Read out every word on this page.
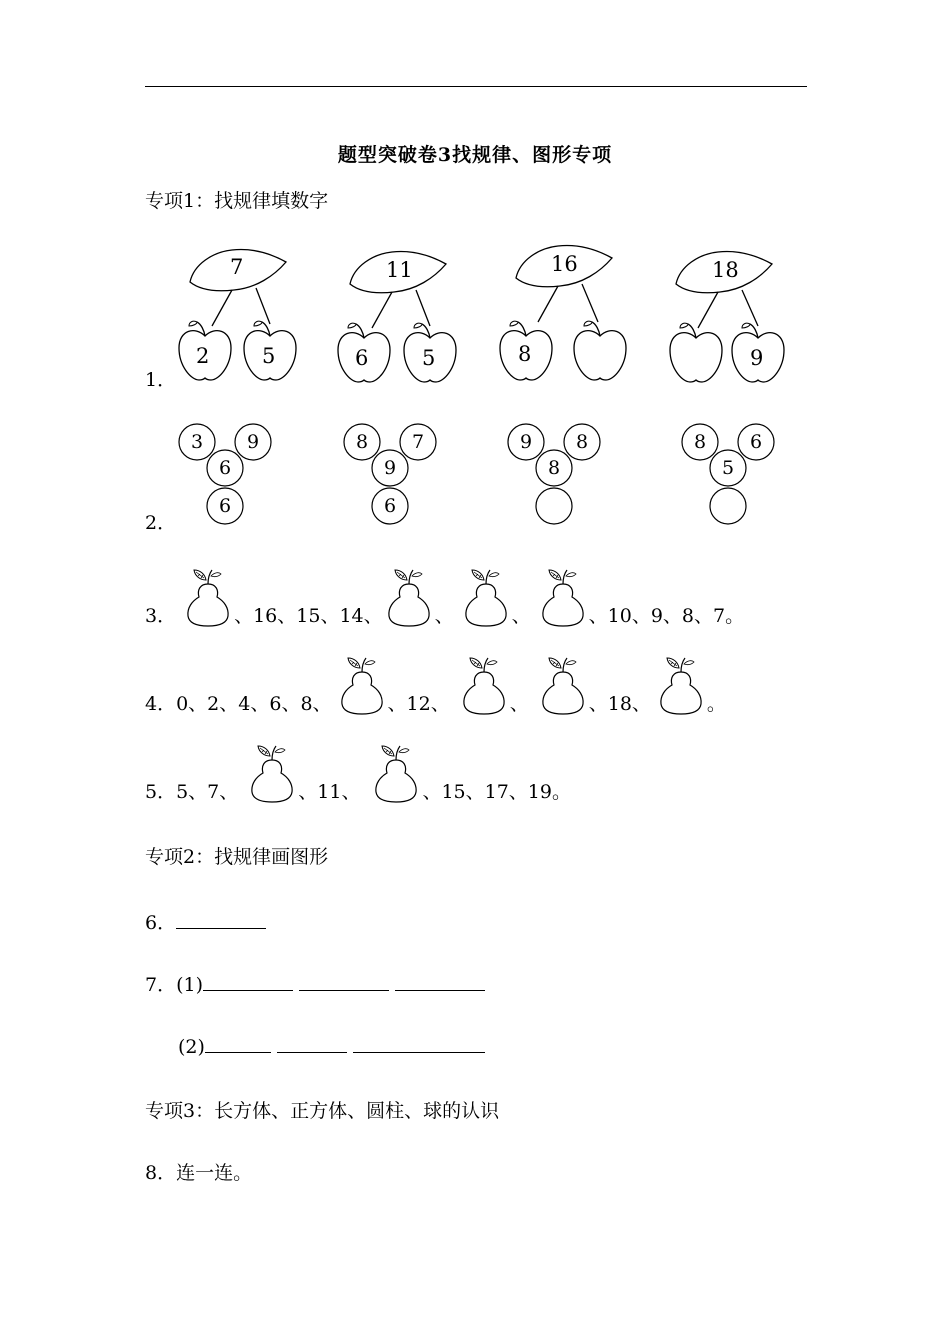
题型突破卷3找规律、图形专项
专项1：找规律填数字
1．
7
2	5
11
6	5
16
8
18
9
2．
3 9
6
6
8 7
9
6
9 8
8
8 6
5
3．	、16、15、14、	、	、	、10、9、8、7。
4．0、2、4、6、8、	、12、	、	、18、	。
5．5、7、	、11、	、15、17、19。
专项2：找规律画图形
6．
7．(1)
(2)
专项3：长方体、正方体、圆柱、球的认识
8．连一连。
